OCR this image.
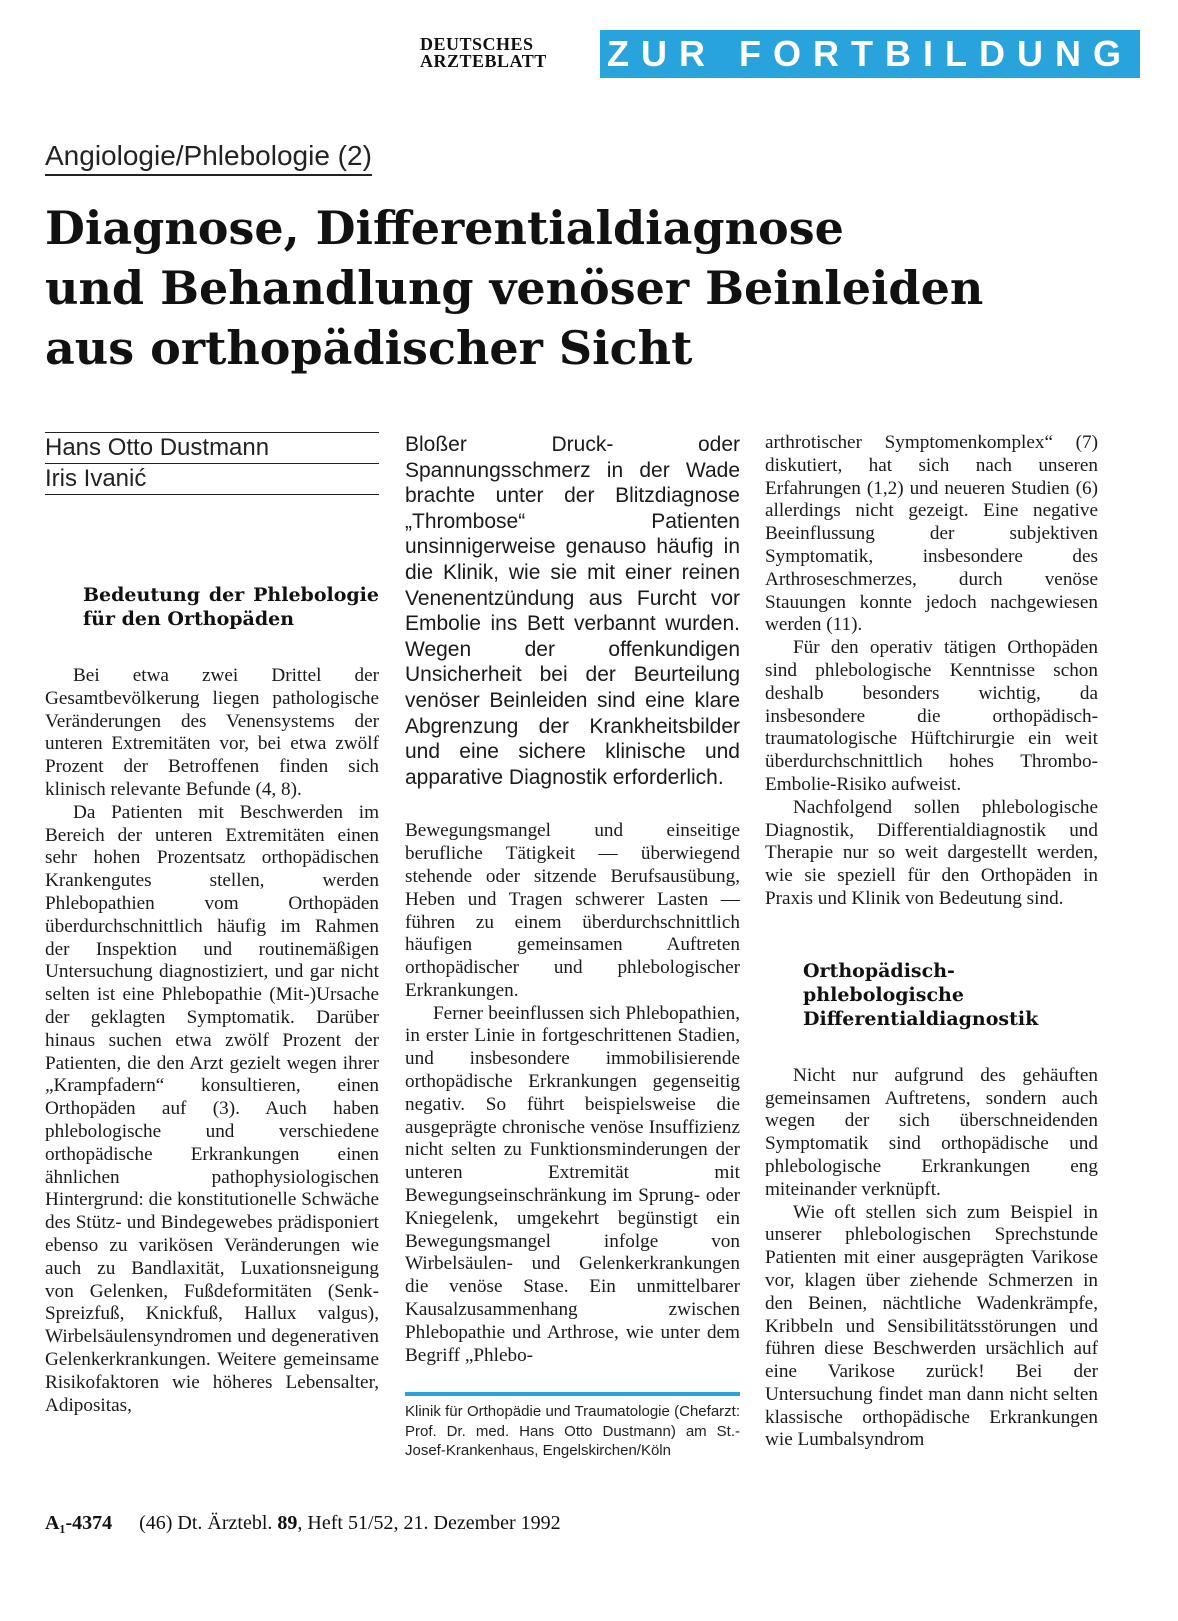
DEUTSCHES
ARZTEBLATT	ZUR FORTBILDUNG
Angiologie/Phlebologie (2)
Diagnose, Differentialdiagnose
und Behandlung venöser Beinleiden
aus orthopädischer Sicht
Hans Otto Dustmann
Iris Ivanić
Bedeutung der Phlebologie für den Orthopäden

Bei etwa zwei Drittel der Gesamtbevölkerung liegen pathologische Veränderungen des Venensystems der unteren Extremitäten vor, bei etwa zwölf Prozent der Betroffenen finden sich klinisch relevante Befunde (4, 8).

Da Patienten mit Beschwerden im Bereich der unteren Extremitäten einen sehr hohen Prozentsatz orthopädischen Krankengutes stellen, werden Phlebopathien vom Orthopäden überdurchschnittlich häufig im Rahmen der Inspektion und routinemäßigen Untersuchung diagnostiziert, und gar nicht selten ist eine Phlebopathie (Mit-)Ursache der geklagten Symptomatik. Darüber hinaus suchen etwa zwölf Prozent der Patienten, die den Arzt gezielt wegen ihrer „Krampfadern“ konsultieren, einen Orthopäden auf (3). Auch haben phlebologische und verschiedene orthopädische Erkrankungen einen ähnlichen pathophysiologischen Hintergrund: die konstitutionelle Schwäche des Stütz- und Bindegewebes prädisponiert ebenso zu varikösen Veränderungen wie auch zu Bandlaxität, Luxationsneigung von Gelenken, Fußdeformitäten (Senk-Spreizfuß, Knickfuß, Hallux valgus), Wirbelsäulensyndromen und degenerativen Gelenkerkrankungen. Weitere gemeinsame Risikofaktoren wie höheres Lebensalter, Adipositas,

Bloßer Druck- oder Spannungsschmerz in der Wade brachte unter der Blitzdiagnose „Thrombose“ Patienten unsinnigerweise genauso häufig in die Klinik, wie sie mit einer reinen Venenentzündung aus Furcht vor Embolie ins Bett verbannt wurden. Wegen der offenkundigen Unsicherheit bei der Beurteilung venöser Beinleiden sind eine klare Abgrenzung der Krankheitsbilder und eine sichere klinische und apparative Diagnostik erforderlich.

Bewegungsmangel und einseitige berufliche Tätigkeit — überwiegend stehende oder sitzende Berufsausübung, Heben und Tragen schwerer Lasten — führen zu einem überdurchschnittlich häufigen gemeinsamen Auftreten orthopädischer und phlebologischer Erkrankungen.

Ferner beeinflussen sich Phlebopathien, in erster Linie in fortgeschrittenen Stadien, und insbesondere immobilisierende orthopädische Erkrankungen gegenseitig negativ. So führt beispielsweise die ausgeprägte chronische venöse Insuffizienz nicht selten zu Funktionsminderungen der unteren Extremität mit Bewegungseinschränkung im Sprung- oder Kniegelenk, umgekehrt begünstigt ein Bewegungsmangel infolge von Wirbelsäulen- und Gelenkerkrankungen die venöse Stase. Ein unmittelbarer Kausalzusammenhang zwischen Phlebopathie und Arthrose, wie unter dem Begriff „Phlebo-

Klinik für Orthopädie und Traumatologie (Chefarzt: Prof. Dr. med. Hans Otto Dustmann) am St.-Josef-Krankenhaus, Engelskirchen/Köln

arthrotischer Symptomenkomplex“ (7) diskutiert, hat sich nach unseren Erfahrungen (1,2) und neueren Studien (6) allerdings nicht gezeigt. Eine negative Beeinflussung der subjektiven Symptomatik, insbesondere des Arthroseschmerzes, durch venöse Stauungen konnte jedoch nachgewiesen werden (11).

Für den operativ tätigen Orthopäden sind phlebologische Kenntnisse schon deshalb besonders wichtig, da insbesondere die orthopädisch-traumatologische Hüftchirurgie ein weit überdurchschnittlich hohes Thrombo-Embolie-Risiko aufweist.

Nachfolgend sollen phlebologische Diagnostik, Differentialdiagnostik und Therapie nur so weit dargestellt werden, wie sie speziell für den Orthopäden in Praxis und Klinik von Bedeutung sind.

Orthopädisch-phlebologische Differentialdiagnostik

Nicht nur aufgrund des gehäuften gemeinsamen Auftretens, sondern auch wegen der sich überschneidenden Symptomatik sind orthopädische und phlebologische Erkrankungen eng miteinander verknüpft.

Wie oft stellen sich zum Beispiel in unserer phlebologischen Sprechstunde Patienten mit einer ausgeprägten Varikose vor, klagen über ziehende Schmerzen in den Beinen, nächtliche Wadenkrämpfe, Kribbeln und Sensibilitätsstörungen und führen diese Beschwerden ursächlich auf eine Varikose zurück! Bei der Untersuchung findet man dann nicht selten klassische orthopädische Erkrankungen wie Lumbalsyndrom

A₁-4374 (46) Dt. Ärztebl. 89, Heft 51/52, 21. Dezember 1992
